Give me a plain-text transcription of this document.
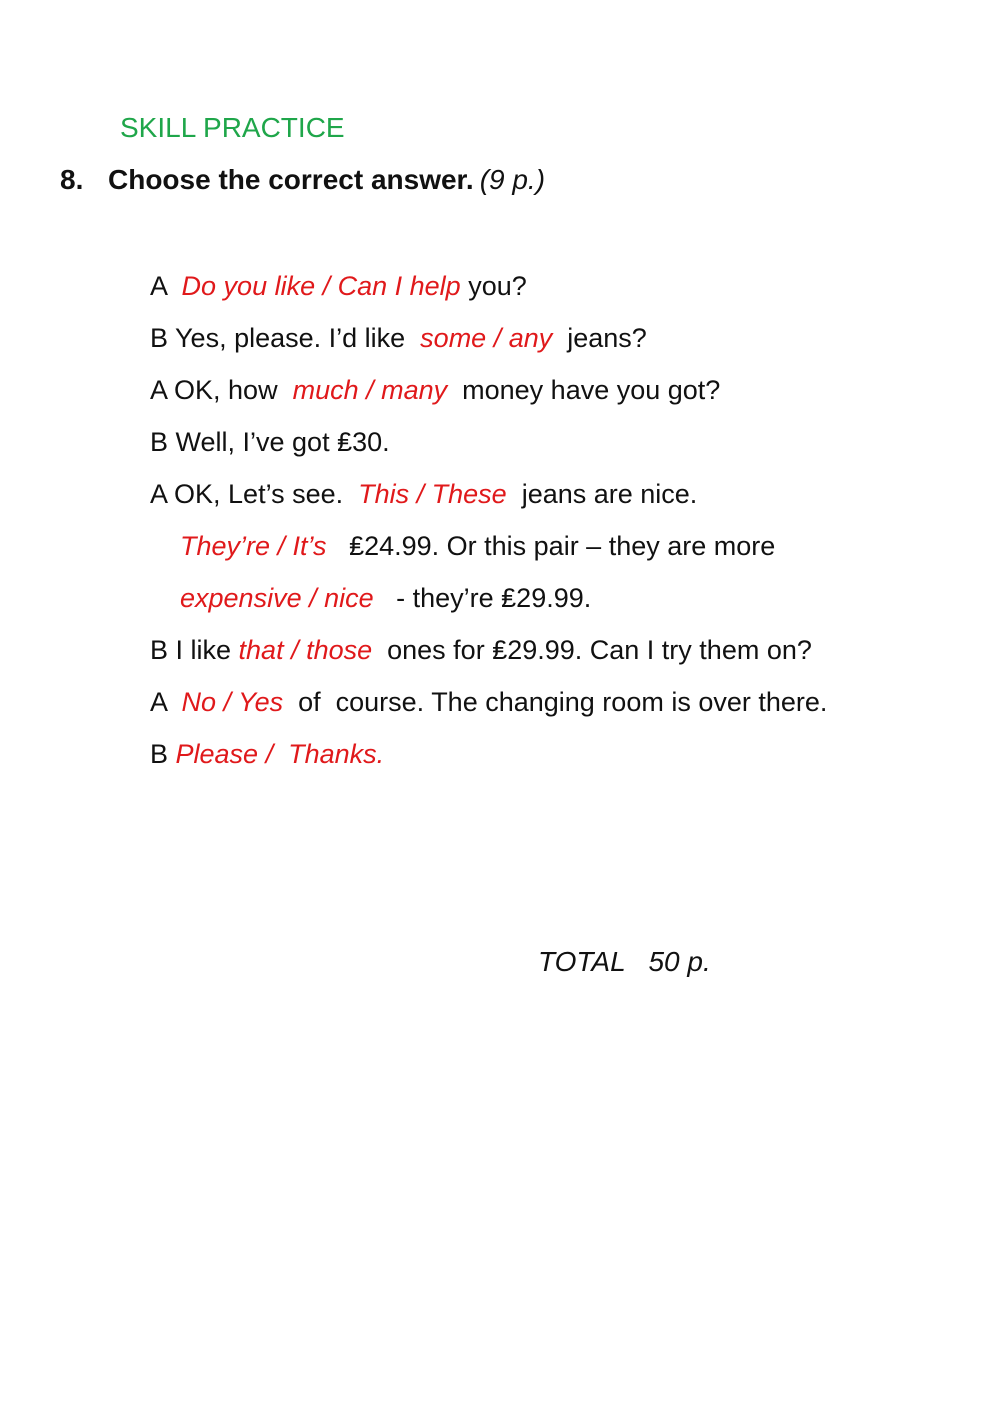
SKILL PRACTICE
8. Choose the correct answer. (9 p.)
A  Do you like / Can I help you?
B Yes, please. I’d like  some / any  jeans?
A OK, how  much / many  money have you got?
B Well, I’ve got ₤30.
A OK, Let’s see.  This / These  jeans are nice.
They’re / It’s   ₤24.99. Or this pair – they are more
expensive / nice   - they’re ₤29.99.
B I like that / those  ones for ₤29.99. Can I try them on?
A  No / Yes  of  course. The changing room is over there.
B Please /  Thanks.
TOTAL   50 p.
